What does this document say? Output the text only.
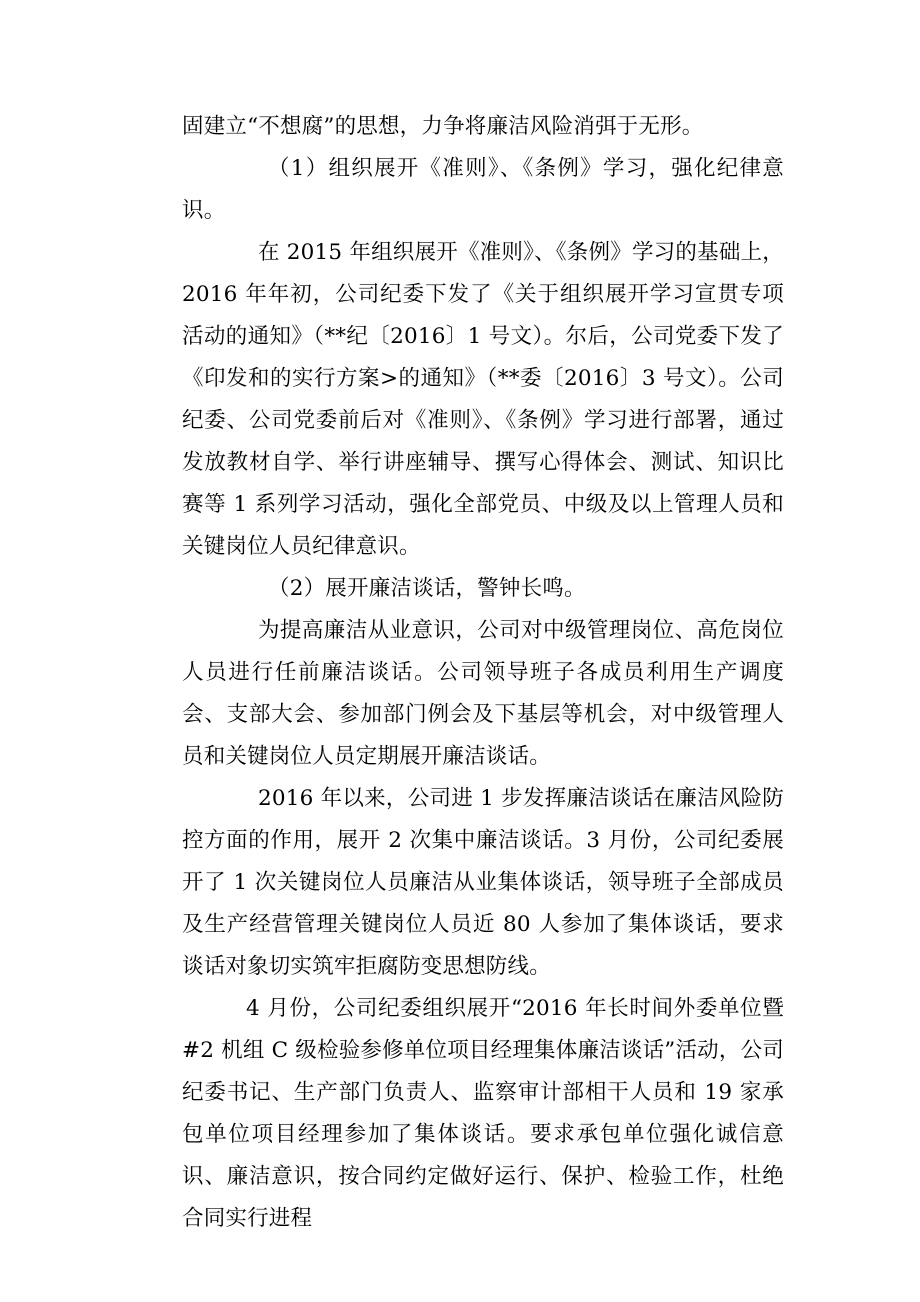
固建立“不想腐”的思想，力争将廉洁风险消弭于无形。

（1）组织展开《准则》、《条例》学习，强化纪律意识。

在 2015 年组织展开《准则》、《条例》学习的基础上，2016 年年初，公司纪委下发了《关于组织展开学习宣贯专项活动的通知》（**纪〔2016〕1 号文）。尔后，公司党委下发了《印发和的实行方案>的通知》（**委〔2016〕3 号文）。公司纪委、公司党委前后对《准则》、《条例》学习进行部署，通过发放教材自学、举行讲座辅导、撰写心得体会、测试、知识比赛等 1 系列学习活动，强化全部党员、中级及以上管理人员和关键岗位人员纪律意识。

（2）展开廉洁谈话，警钟长鸣。

为提高廉洁从业意识，公司对中级管理岗位、高危岗位人员进行任前廉洁谈话。公司领导班子各成员利用生产调度会、支部大会、参加部门例会及下基层等机会，对中级管理人员和关键岗位人员定期展开廉洁谈话。

2016 年以来，公司进 1 步发挥廉洁谈话在廉洁风险防控方面的作用，展开 2 次集中廉洁谈话。3 月份，公司纪委展开了 1 次关键岗位人员廉洁从业集体谈话，领导班子全部成员及生产经营管理关键岗位人员近 80 人参加了集体谈话，要求谈话对象切实筑牢拒腐防变思想防线。

4 月份，公司纪委组织展开“2016 年长时间外委单位暨#2 机组 C 级检验参修单位项目经理集体廉洁谈话”活动，公司纪委书记、生产部门负责人、监察审计部相干人员和 19 家承包单位项目经理参加了集体谈话。要求承包单位强化诚信意识、廉洁意识，按合同约定做好运行、保护、检验工作，杜绝合同实行进程
